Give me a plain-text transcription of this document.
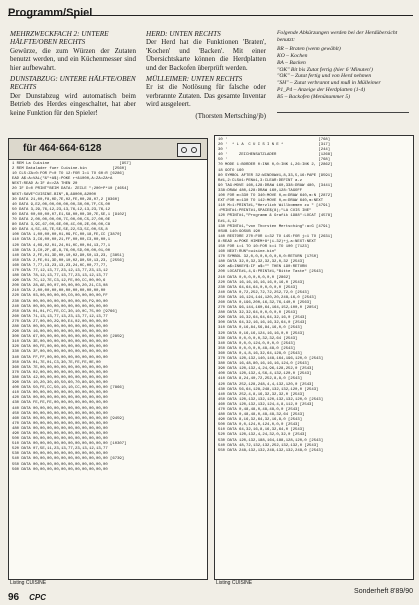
Programm/Spiel
MEHRZWECKFACH 2: UNTERE HÄLFTE/OBEN RECHTS

Gewürze, die zum Würzen der Zutaten benutzt werden, und ein Küchenmesser sind hier aufbewahrt.

DUNSTABZUG: UNTERE HÄLFTE/OBEN RECHTS

Der Dunstabzug wird automatisch beim Betrieb des Herdes eingeschaltet, hat aber keine Funktion für den Spieler!

HERD: UNTEN RECHTS

Der Herd hat die Funktionen 'Braten', 'Kochen' und 'Backen'. Mit einer Übersichtskarte können die Herdplatten und der Backofen überprüft werden.

MÜLLEIMER: UNTEN RECHTS

Er ist die Notlösung für falsche oder verbrannte Zutaten. Das gesamte Inventar wird ausgeleert.

(Thorsten Mertsching/jb)

Folgende Abkürzungen werden bei der Herdübersicht benutzt:
BR – Braten (wenn gewählt)
KO – Kochen
BA – Backen
"OK" Bit bis Zutat fertig (hier 6 'Minuten')
"OK" – Zutat fertig und von Herd nehmen
"SH" – Zutat verbrannt und muß in Mülleimer
P1_P4 – Anzeige der Herdplatten (1-4)
B5 – Backofen (Menünummer 5)
für 464·664·6128
1 REM La Cuisine                              [957]
2 REM Datalader fuer Cuisine.bin           [2560]
10 CLS:ZA=0:FOR P=0 TO 12:FOR I=1 TO 60:R [6286]
EAD A$:A=VAL("&"+A$):POKE r+&1000,A:ZA=ZA+A
NEXT:READ A:IF A<>ZA THEN 20
20 IF D=0 PRINT"BEIM DATA: ZEILE ";200+P*10 [4654]
NEXT:SAVE"CUISINE.BIN",B,&8000,&2000
30 DATA 21,00,F8,0D,7E,02,FE,00,28,07,2 [8360]
40 DATA 9,E2,00,00,00,00,00,30,00,7F,C5,00
50 DATA 3,29,76,12,23,13,76,12,13,23,76,12
60 DATA 00,00,00,07,E1,58,00,00,30,7E,5E,1 [9102]
70 DATA 2,00,00,00,00,7C,00,00,C5,27,00,0E
80 DATA 3,9C,67,00,6E,00,4C,00,2E,00,00,C8
90 DATA 4,5C,45,7E,5E,5E,22,53,5C,00,55,8
100 DATA 1,00,00,00,01,09,FC,00,18,FE,CC [3870]
110 DATA 3,C6,00,00,21,FF,00,00,C3,00,00,1
120 DATA 4,09,02,01,24,01,0C,00,04,13,77,1
130 DATA 3,C0,2F,4E,8,76,00,5D,00,00,01,00
140 DATA 2,FE,01,3D,00,10,02,90,50,13,23, [3851]
150 DATA 2,FE,01,3D,00,10,02,90,50,13,23, [2556]
160 DATA 7,77,13,23,13,23,24,0C,00,77,77,
170 DATA 77,12,13,77,23,12,13,77,23,13,12
180 DATA 78,12,13,77,13,77,23,13,12,13,77
190 DATA 7C,12,7E,C3,12,FE,00,CC,00,00,6
200 DATA 28,AE,00,07,00,00,00,20,21,C3,08
210 DATA 2,00,00,00,00,00,00,00,00,00,00
220 DATA 03,00,00,00,00,C0,00,00,00,00,FF
230 DATA 00,00,00,00,00,00,00,00,F9,00,00
240 DATA 00,00,00,00,00,00,00,00,00,00,00
250 DATA 01,01,FC,FE,CC,30,10,0C,75,00 [9766]
260 DATA 71,13,13,77,13,23,13,77,12,13,77
270 DATA 27,00,00,29,00,E4,02,00,00,00,00
280 DATA 00,00,00,00,00,00,00,00,00,00,00
290 DATA 16,00,00,00,00,00,00,00,00,00,00
300 DATA 67,00,00,00,00,00,00,00,00,00,00 [2859]
310 DATA 3E,00,00,00,00,00,00,00,00,00,00
320 DATA 00,FE,00,00,00,00,00,00,00,00,00
330 DATA 3F,00,00,00,00,00,00,00,00,00,00
340 DATA FF,FF,00,00,00,00,00,00,00,00,00
350 DATA 01,7E,01,C3,30,7E,FE,FE,0E,00
360 DATA 7E,00,00,00,00,00,00,00,00,00,00
370 DATA 02,00,00,00,00,00,00,00,00,00,00
380 DATA 42,00,00,00,00,00,00,00,00,00,00
390 DATA 10,20,30,40,50,60,70,80,90,00,00
400 DATA 50,FE,CC,50,10,10,CC,00,00,00,00 [7866]
410 DATA 00,00,00,00,00,00,00,00,00,00,00
420 DATA 00,00,00,00,00,00,00,00,00,00,00
430 DATA FE,FE,FE,00,00,00,00,00,00,00,00
440 DATA 00,00,00,00,00,00,00,00,00,00,00
450 DATA 00,00,00,00,00,00,00,00,00,00,00
460 DATA 00,00,00,00,00,00,00,00,00,00,00 [9459]
470 DATA 00,00,00,00,00,00,00,00,00,00,00
480 DATA 00,00,00,00,00,00,00,00,00,00,00
490 DATA 00,00,00,00,00,00,00,00,00,00,00
500 DATA 00,00,00,00,00,00,00,00,00,00,00
510 DATA 00,00,00,00,00,00,00,00,00,00,00 [10307]
520 DATA 07,5E,11,23,13,77,23,13,12,13,77
530 DATA 00,00,00,00,00,00,00,00,00,00,00
540 DATA 00,00,00,00,00,00,00,00,00,00,00 [6739]
550 DATA 00,00,00,00,00,00,00,00,00,00,00
560 DATA 00,00,00,00,00,00,00,00,00,00,00
10 '                                       [768]
20 '  * L A  C U I S I N E *               [317]
30 '                                       [244]
40 '     ZEICHENSATZLADER                  [1268]
50 '                                       [768]
70 MODE 1:BORDER 0:INK 0,0:INK 1,26:INK 2, [2862]
18 GOTO 160
80 SYMBOL AFTER 32:WINDOW#1,8,33,5,16:PAPE [9591]
R#1,2:CLS#1:PEN#1,3:CLEAR:DEFINT a-z
90 TAG:MOVE 160,128:DRAW 160,338:DRAW 480, [3441]
338:DRAW 480,128:DRAW 160,128:TAGOFF
100 FOR m=330 TO 340:MOVE 0,m:DRAW 640,m:N [2872]
EXT:FOR m=130 TO 142:MOVE 0,m:DRAW 640,m:NEXT
110 M=1:PRINT#1,"Herzlich Willkommen zu " [4791]
:PRINT#1:PRINT#1,SPACE$(8);"LA CUIS INE"
120 PRINT#1,"Programm & Grafik 1988":LOCAT [4578]
E#1,4,12
130 PRINT#1,"von Thorsten Mertsching":a=G [4791]
0SUB 140:GOSUB 190
140 RESTORE 270:FOR i=32 TO 145:FOR j=1 TO [2631]
8:READ a:POKE HIMEM+8*(i-32)+j,a:NEXT:NEXT
150 FOR i=1 TO 10:FOR k=1 TO 100 [7123]
160 NEXT:RUN"cuisine.bin"
170 SYMBOL 32,0,0,0,0,0,0,0,0:RETURN [1750]
180 DATA 32,0,32,32,32,32,0,32 [2543]
190 a$=INKEY$:IF a$="" THEN 190:RETURN
200 LOCATE#1,4,9:PRINT#1,"Bitte Taste" [2543]
210 DATA 0,0,0,0,0,0,0,0 [2862]
220 DATA 16,16,16,16,16,0,16,0 [2543]
230 DATA 64,64,64,0,0,0,0,0 [2543]
240 DATA 0,72,252,72,72,252,72,0 [2543]
250 DATA 16,124,144,120,20,248,16,0 [2543]
260 DATA 0,196,200,16,32,76,140,0 [2563]
270 DATA 96,144,160,64,164,152,100,0 [2854]
280 DATA 32,32,64,0,0,0,0,0 [2543]
290 DATA 16,32,64,64,64,32,16,0 [2543]
300 DATA 64,32,16,16,16,32,64,0 [2543]
310 DATA 0,16,84,56,84,16,0,0 [2543]
320 DATA 0,16,16,124,16,16,0,0 [2543]
330 DATA 0,0,0,0,0,32,32,64 [2543]
340 DATA 0,0,0,124,0,0,0,0 [2543]
350 DATA 0,0,0,0,0,48,48,0 [2543]
360 DATA 0,4,8,16,32,64,128,0 [2543]
370 DATA 120,132,140,148,164,196,120,0 [2543]
380 DATA 16,48,80,16,16,16,124,0 [2543]
390 DATA 120,132,4,24,96,128,252,0 [2543]
400 DATA 120,132,4,56,4,132,120,0 [2543]
410 DATA 8,24,40,72,252,8,8,0 [2543]
420 DATA 252,128,248,4,4,132,120,0 [2543]
430 DATA 56,64,128,248,132,132,120,0 [2543]
440 DATA 252,4,8,16,32,32,32,0 [2543]
450 DATA 120,132,132,120,132,132,120,0 [2543]
460 DATA 120,132,132,124,4,8,112,0 [2543]
470 DATA 0,48,48,0,48,48,0,0 [2543]
480 DATA 0,48,48,0,48,48,32,64 [2543]
490 DATA 8,16,32,64,32,16,8,0 [2543]
500 DATA 0,0,124,0,124,0,0,0 [2543]
510 DATA 64,32,16,8,16,32,64,0 [2543]
520 DATA 120,132,4,24,32,0,32,0 [2543]
530 DATA 120,132,188,164,188,128,120,0 [2543]
540 DATA 48,72,132,132,252,132,132,0 [2543]
550 DATA 248,132,132,248,132,132,248,0 [2543]
Listing CUISINE	Listing CUISINE
96 CPC
Sonderheft 8'89/90
